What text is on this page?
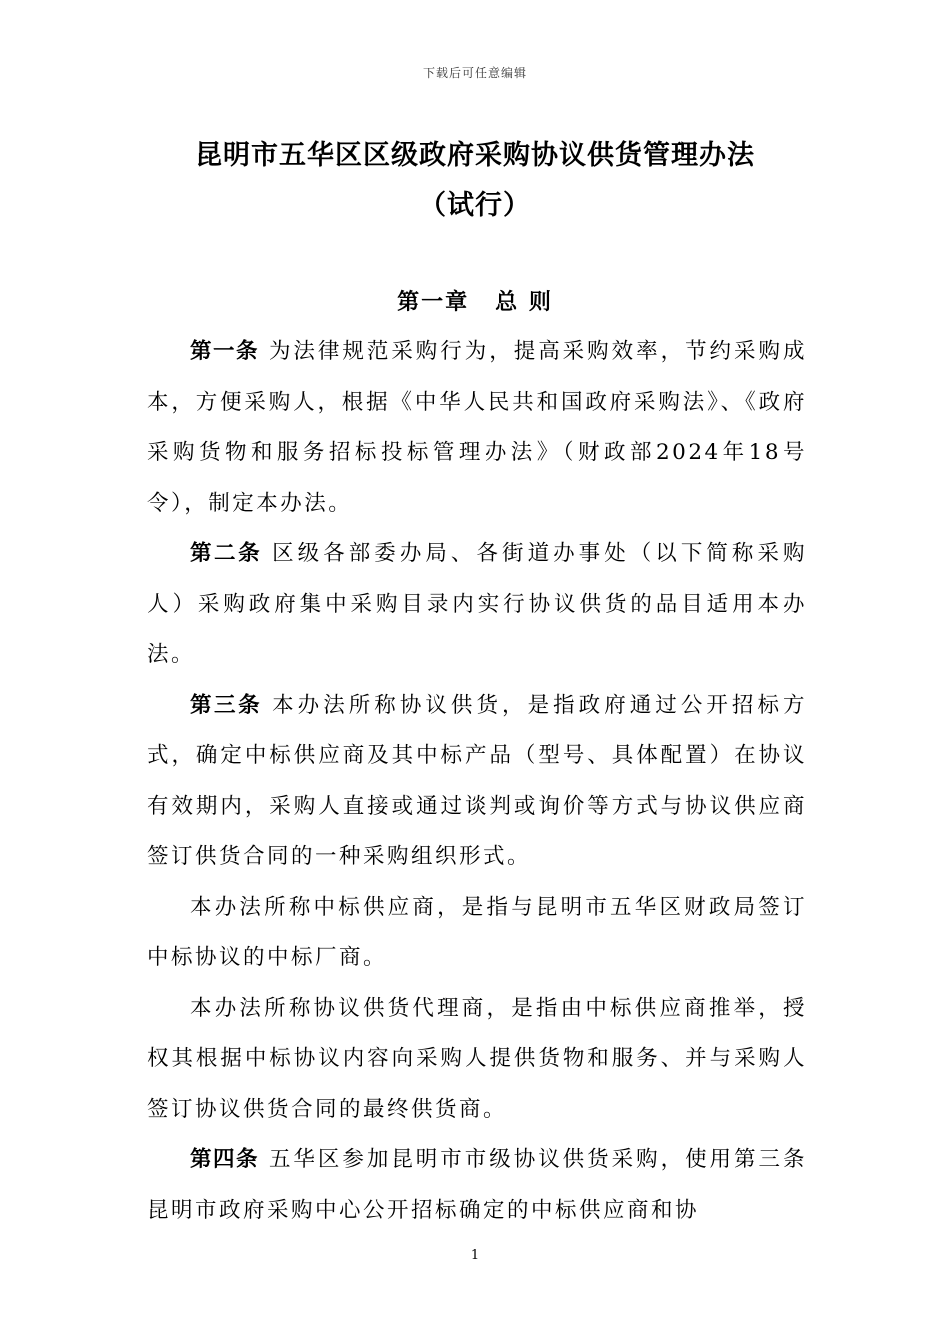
下载后可任意编辑
昆明市五华区区级政府采购协议供货管理办法
（试行）
第一章 总 则

第一条 为法律规范采购行为，提高采购效率，节约采购成本，方便采购人，根据《中华人民共和国政府采购法》、《政府采购货物和服务招标投标管理办法》（财政部2024年18号令），制定本办法。

第二条 区级各部委办局、各街道办事处（以下简称采购人）采购政府集中采购目录内实行协议供货的品目适用本办法。

第三条 本办法所称协议供货，是指政府通过公开招标方式，确定中标供应商及其中标产品（型号、具体配置）在协议有效期内，采购人直接或通过谈判或询价等方式与协议供应商签订供货合同的一种采购组织形式。

本办法所称中标供应商，是指与昆明市五华区财政局签订中标协议的中标厂商。

本办法所称协议供货代理商，是指由中标供应商推举，授权其根据中标协议内容向采购人提供货物和服务、并与采购人签订协议供货合同的最终供货商。

第四条 五华区参加昆明市市级协议供货采购，使用第三条昆明市政府采购中心公开招标确定的中标供应商和协

1
